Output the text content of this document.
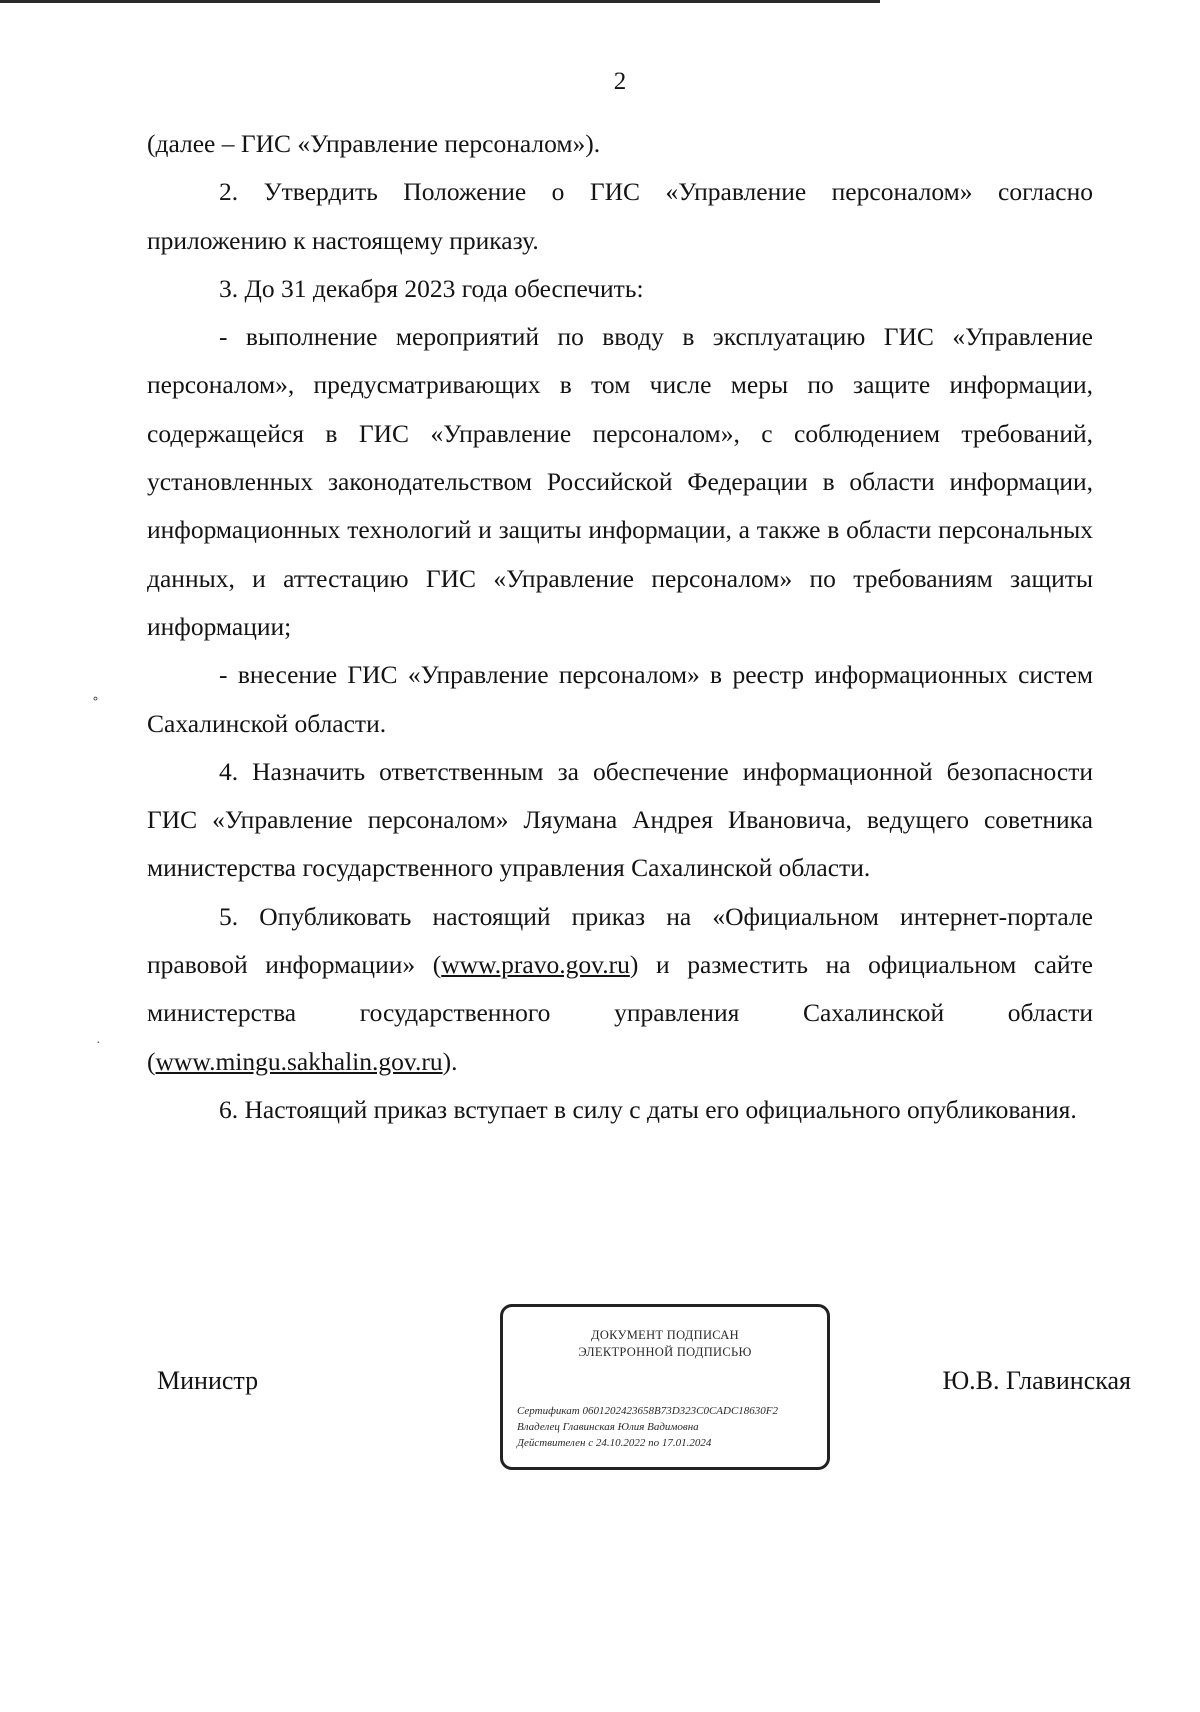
2

(далее – ГИС «Управление персоналом»).

2. Утвердить Положение о ГИС «Управление персоналом» согласно приложению к настоящему приказу.

3. До 31 декабря 2023 года обеспечить:

- выполнение мероприятий по вводу в эксплуатацию ГИС «Управление персоналом», предусматривающих в том числе меры по защите информации, содержащейся в ГИС «Управление персоналом», с соблюдением требований, установленных законодательством Российской Федерации в области информации, информационных технологий и защиты информации, а также в области персональных данных, и аттестацию ГИС «Управление персоналом» по требованиям защиты информации;

- внесение ГИС «Управление персоналом» в реестр информационных систем Сахалинской области.

4. Назначить ответственным за обеспечение информационной безопасности ГИС «Управление персоналом» Ляумана Андрея Ивановича, ведущего советника министерства государственного управления Сахалинской области.

5. Опубликовать настоящий приказ на «Официальном интернет-портале правовой информации» (www.pravo.gov.ru) и разместить на официальном сайте министерства государственного управления Сахалинской области (www.mingu.sakhalin.gov.ru).

6. Настоящий приказ вступает в силу с даты его официального опубликования.

Министр
ДОКУМЕНТ ПОДПИСАН
ЭЛЕКТРОННОЙ ПОДПИСЬЮ
Сертификат 0601202423658B73D323C0CADC18630F2
Владелец Главинская Юлия Вадимовна
Действителен с 24.10.2022 по 17.01.2024
Ю.В. Главинская
∘
·
